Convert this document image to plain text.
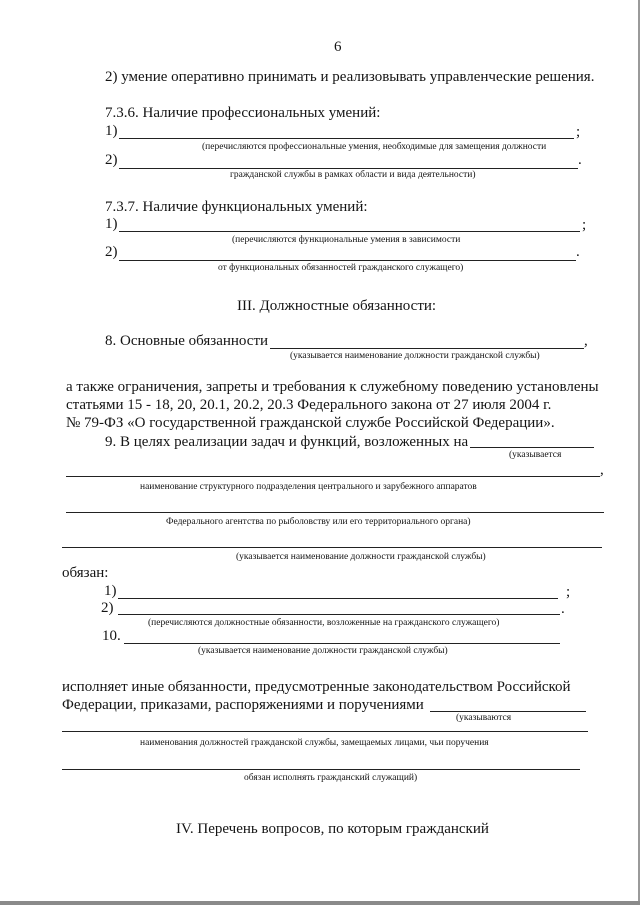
6
2) умение оперативно принимать и реализовывать управленческие решения.
7.3.6. Наличие профессиональных умений:
1)	;
(перечисляются профессиональные умения, необходимые для замещения должности
2)	.
гражданской службы в рамках области и вида деятельности)
7.3.7. Наличие функциональных умений:
1)	;
(перечисляются функциональные умения в зависимости
2)	.
от функциональных обязанностей гражданского служащего)
III. Должностные обязанности:
8. Основные обязанности	,
(указывается наименование должности гражданской службы)
а также ограничения, запреты и требования к служебному поведению установлены
статьями 15 - 18, 20, 20.1, 20.2, 20.3 Федерального закона от 27 июля 2004 г.
№ 79-ФЗ «О государственной гражданской службе Российской Федерации».
9. В целях реализации задач и функций, возложенных на
(указывается
,
наименование структурного подразделения центрального и зарубежного аппаратов
Федерального агентства по рыболовству или его территориального органа)
(указывается наименование должности гражданской службы)
обязан:
1)	;
2)	.
(перечисляются должностные обязанности, возложенные на гражданского служащего)
10.
(указывается наименование должности гражданской службы)
исполняет иные обязанности, предусмотренные законодательством Российской
Федерации, приказами, распоряжениями и поручениями
(указываются
наименования должностей гражданской службы, замещаемых лицами, чьи поручения
обязан исполнять гражданский служащий)
IV. Перечень вопросов, по которым гражданский
